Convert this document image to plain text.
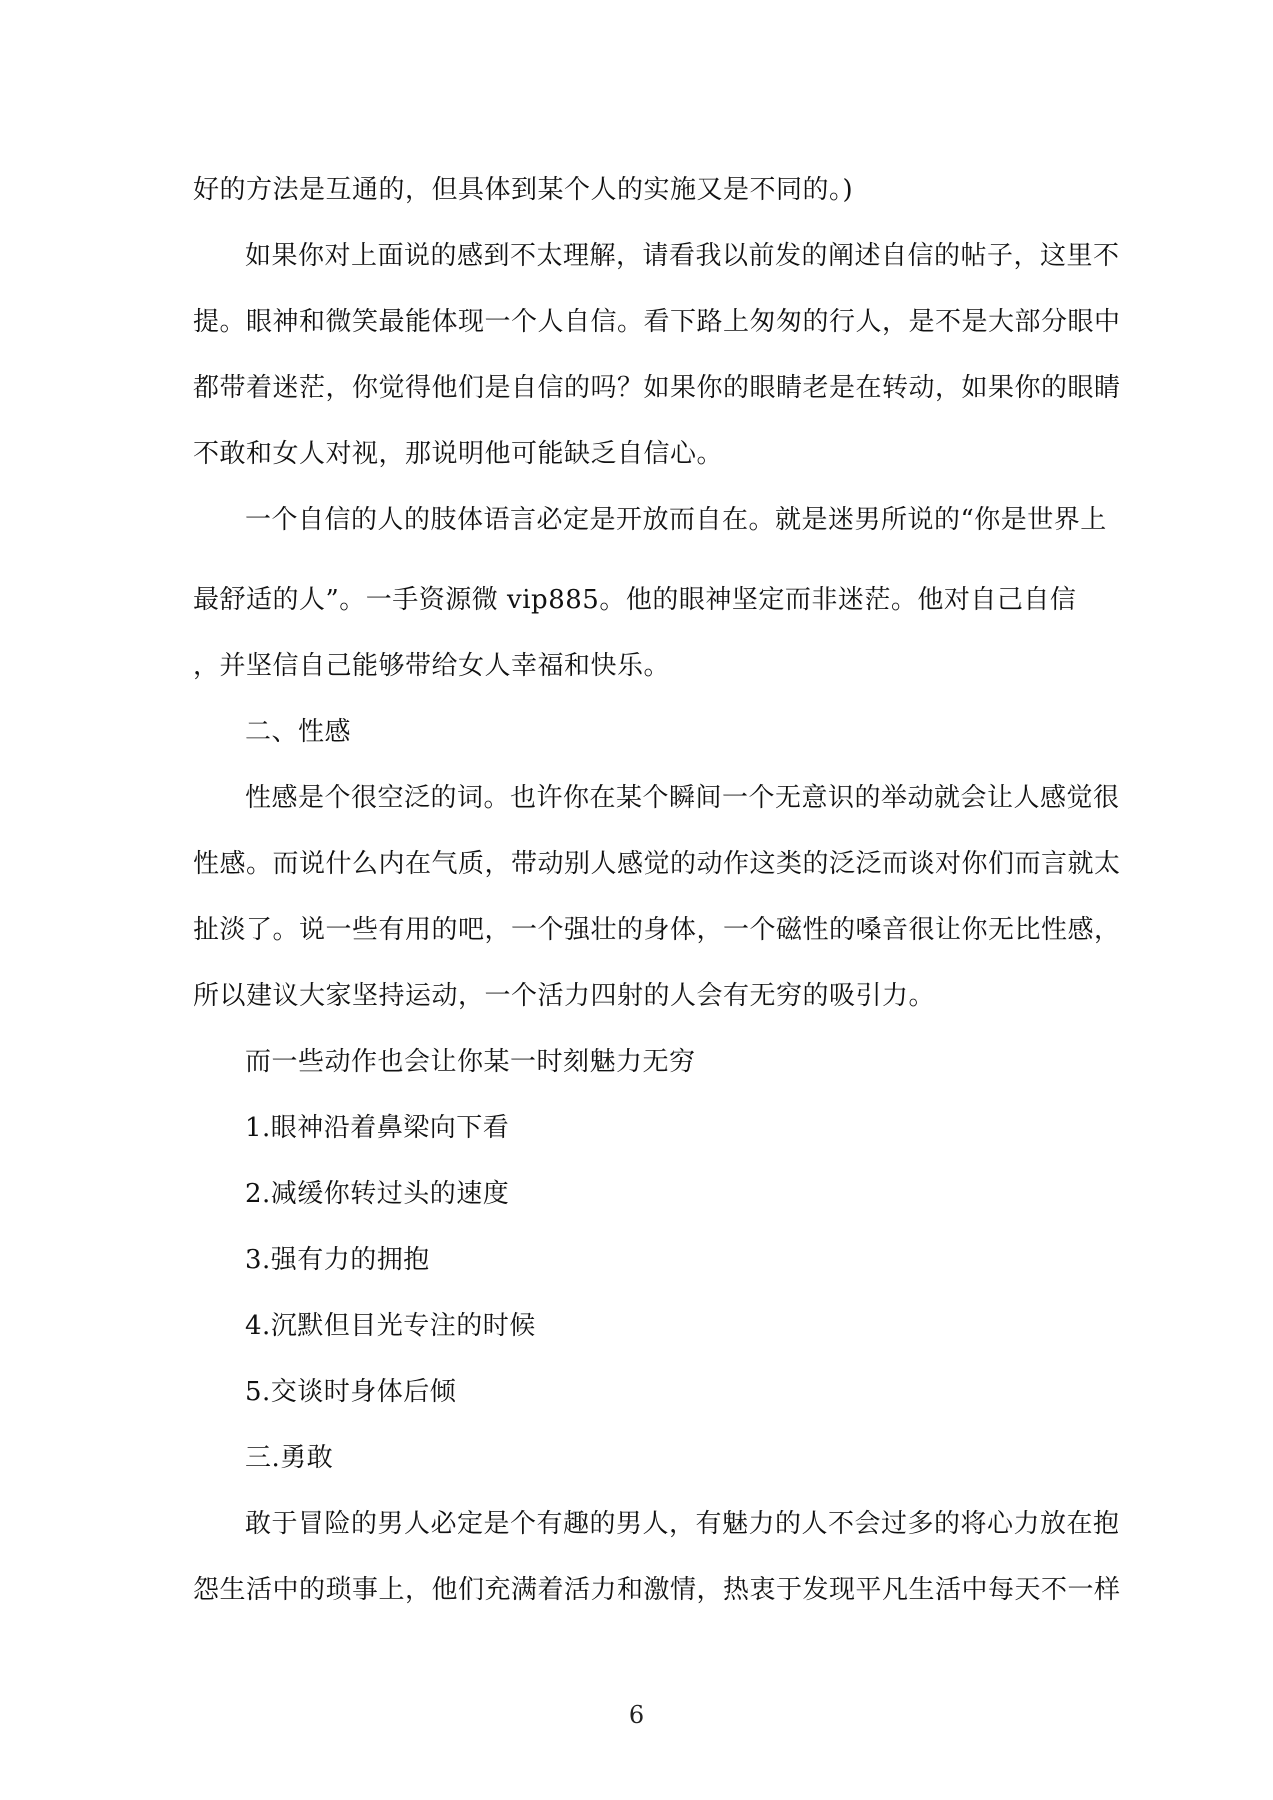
好的方法是互通的，但具体到某个人的实施又是不同的。)
如果你对上面说的感到不太理解，请看我以前发的阐述自信的帖子，这里不
提。眼神和微笑最能体现一个人自信。看下路上匆匆的行人，是不是大部分眼中
都带着迷茫，你觉得他们是自信的吗？如果你的眼睛老是在转动，如果你的眼睛
不敢和女人对视，那说明他可能缺乏自信心。
一个自信的人的肢体语言必定是开放而自在。就是迷男所说的“你是世界上
最舒适的人”。一手资源微 vip885。他的眼神坚定而非迷茫。他对自己自信
，并坚信自己能够带给女人幸福和快乐。
二、性感
性感是个很空泛的词。也许你在某个瞬间一个无意识的举动就会让人感觉很
性感。而说什么内在气质，带动别人感觉的动作这类的泛泛而谈对你们而言就太
扯淡了。说一些有用的吧，一个强壮的身体，一个磁性的嗓音很让你无比性感，
所以建议大家坚持运动，一个活力四射的人会有无穷的吸引力。
而一些动作也会让你某一时刻魅力无穷
1.眼神沿着鼻梁向下看
2.减缓你转过头的速度
3.强有力的拥抱
4.沉默但目光专注的时候
5.交谈时身体后倾
三.勇敢
敢于冒险的男人必定是个有趣的男人，有魅力的人不会过多的将心力放在抱
怨生活中的琐事上，他们充满着活力和激情，热衷于发现平凡生活中每天不一样
6
